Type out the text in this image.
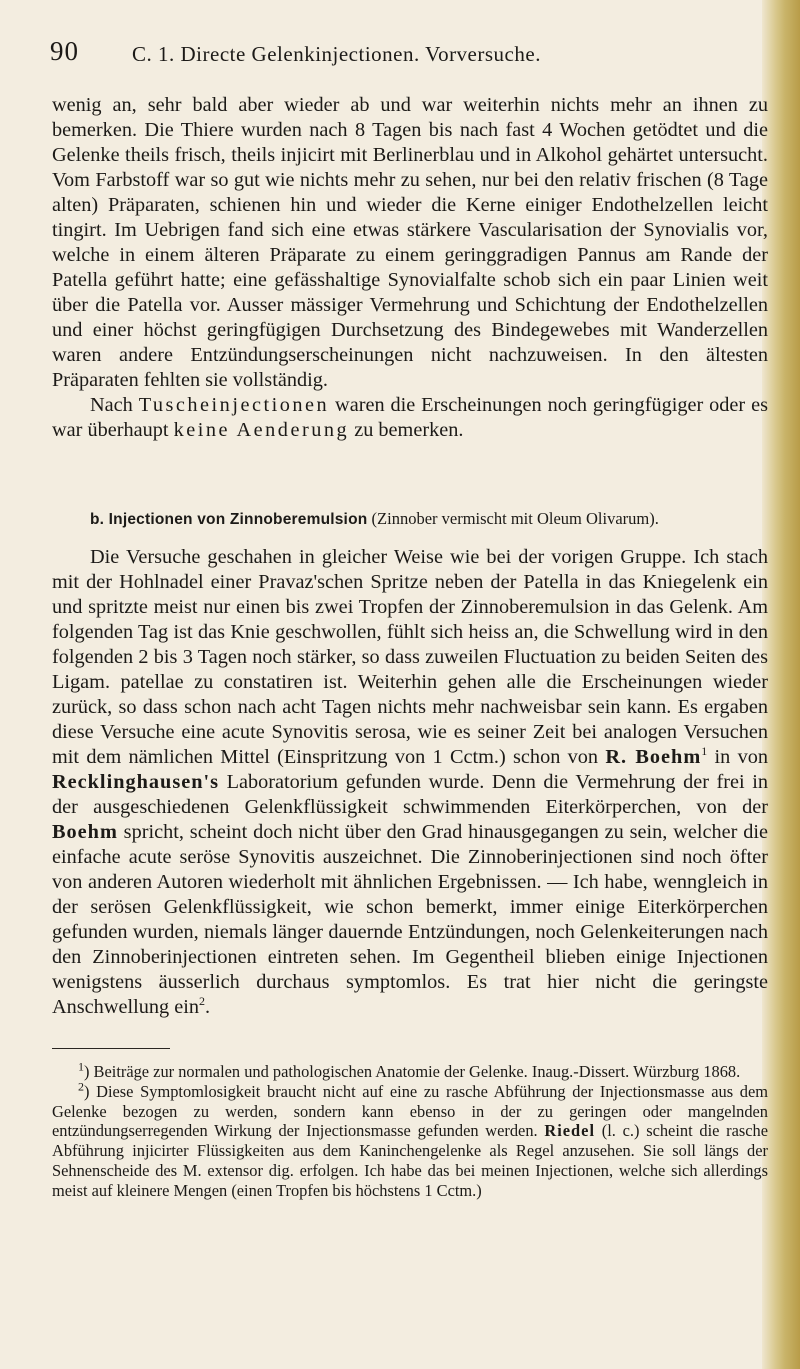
90	C. 1. Directe Gelenkinjectionen. Vorversuche.

wenig an, sehr bald aber wieder ab und war weiterhin nichts mehr an ihnen zu bemerken. Die Thiere wurden nach 8 Tagen bis nach fast 4 Wochen getödtet und die Gelenke theils frisch, theils injicirt mit Berlinerblau und in Alkohol gehärtet untersucht. Vom Farbstoff war so gut wie nichts mehr zu sehen, nur bei den relativ frischen (8 Tage alten) Präparaten, schienen hin und wieder die Kerne einiger Endothelzellen leicht tingirt. Im Uebrigen fand sich eine etwas stärkere Vascularisation der Synovialis vor, welche in einem älteren Präparate zu einem geringgradigen Pannus am Rande der Patella geführt hatte; eine gefässhaltige Synovialfalte schob sich ein paar Linien weit über die Patella vor. Ausser mässiger Vermehrung und Schichtung der Endothelzellen und einer höchst geringfügigen Durchsetzung des Bindegewebes mit Wanderzellen waren andere Entzündungserscheinungen nicht nachzuweisen. In den ältesten Präparaten fehlten sie vollständig.

Nach Tuscheinjectionen waren die Erscheinungen noch geringfügiger oder es war überhaupt keine Aenderung zu bemerken.

b. Injectionen von Zinnoberemulsion (Zinnober vermischt mit Oleum Olivarum).

Die Versuche geschahen in gleicher Weise wie bei der vorigen Gruppe. Ich stach mit der Hohlnadel einer Pravaz'schen Spritze neben der Patella in das Kniegelenk ein und spritzte meist nur einen bis zwei Tropfen der Zinnoberemulsion in das Gelenk. Am folgenden Tag ist das Knie geschwollen, fühlt sich heiss an, die Schwellung wird in den folgenden 2 bis 3 Tagen noch stärker, so dass zuweilen Fluctuation zu beiden Seiten des Ligam. patellae zu constatiren ist. Weiterhin gehen alle die Erscheinungen wieder zurück, so dass schon nach acht Tagen nichts mehr nachweisbar sein kann. Es ergaben diese Versuche eine acute Synovitis serosa, wie es seiner Zeit bei analogen Versuchen mit dem nämlichen Mittel (Einspritzung von 1 Cctm.) schon von R. Boehm$^1$ in von Recklinghausen's Laboratorium gefunden wurde. Denn die Vermehrung der frei in der ausgeschiedenen Gelenkflüssigkeit schwimmenden Eiterkörperchen, von der Boehm spricht, scheint doch nicht über den Grad hinausgegangen zu sein, welcher die einfache acute seröse Synovitis auszeichnet. Die Zinnoberinjectionen sind noch öfter von anderen Autoren wiederholt mit ähnlichen Ergebnissen. — Ich habe, wenngleich in der serösen Gelenkflüssigkeit, wie schon bemerkt, immer einige Eiterkörperchen gefunden wurden, niemals länger dauernde Entzündungen, noch Gelenkeiterungen nach den Zinnoberinjectionen eintreten sehen. Im Gegentheil blieben einige Injectionen wenigstens äusserlich durchaus symptomlos. Es trat hier nicht die geringste Anschwellung ein$^2$.

$^1$) Beiträge zur normalen und pathologischen Anatomie der Gelenke. Inaug.-Dissert. Würzburg 1868.

$^2$) Diese Symptomlosigkeit braucht nicht auf eine zu rasche Abführung der Injectionsmasse aus dem Gelenke bezogen zu werden, sondern kann ebenso in der zu geringen oder mangelnden entzündungserregenden Wirkung der Injectionsmasse gefunden werden. Riedel (l. c.) scheint die rasche Abführung injicirter Flüssigkeiten aus dem Kaninchengelenke als Regel anzusehen. Sie soll längs der Sehnenscheide des M. extensor dig. erfolgen. Ich habe das bei meinen Injectionen, welche sich allerdings meist auf kleinere Mengen (einen Tropfen bis höchstens 1 Cctm.)
